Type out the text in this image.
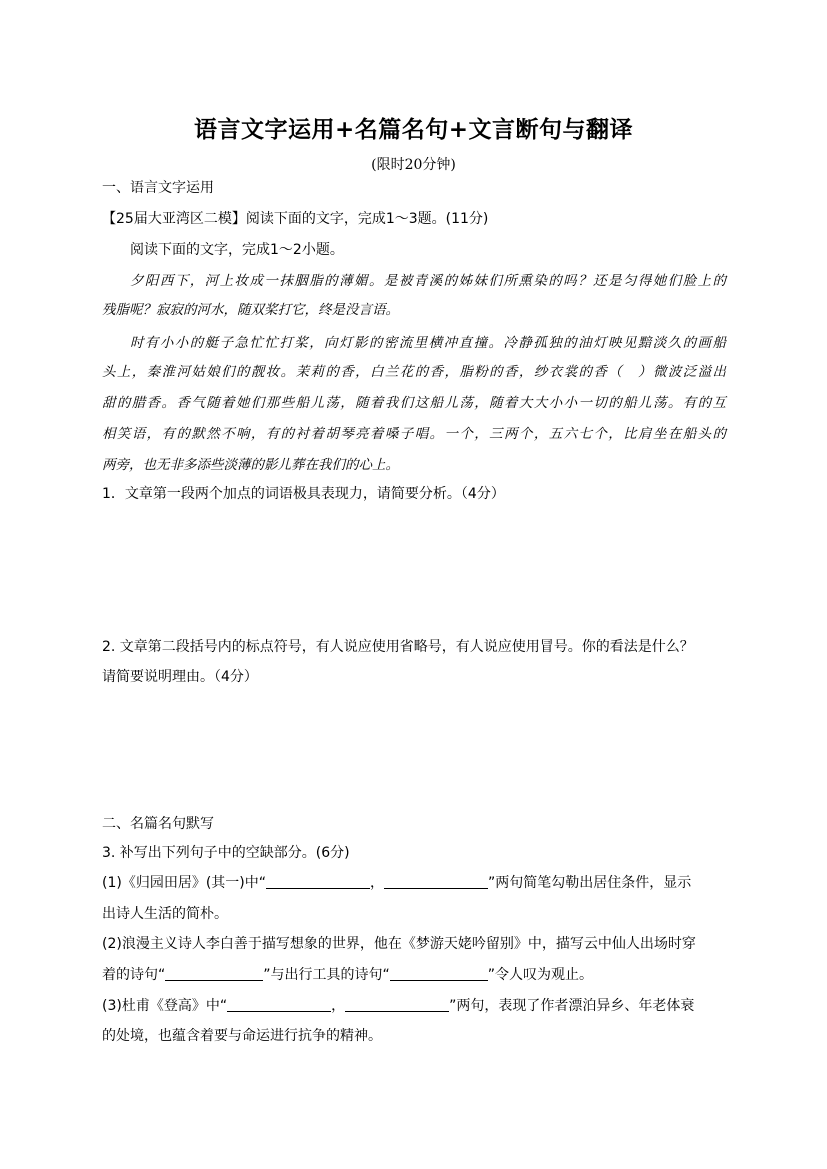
语言文字运用+名篇名句+文言断句与翻译
(限时20分钟)
一、语言文字运用
【25届大亚湾区二模】阅读下面的文字，完成1～3题。(11分)
阅读下面的文字，完成1～2小题。
夕阳西下，河上妆成一抹胭脂的薄媚。是被青溪的姊妹们所熏染的吗？还是匀得她们脸上的
残脂呢？寂寂的河水，随双桨打它，终是没言语。
时有小小的艇子急忙忙打桨，向灯影的密流里横冲直撞。冷静孤独的油灯映见黯淡久的画船
头上，秦淮河姑娘们的靓妆。茉莉的香，白兰花的香，脂粉的香，纱衣裳的香（　）微波泛溢出
甜的腊香。香气随着她们那些船儿荡，随着我们这船儿荡，随着大大小小一切的船儿荡。有的互
相笑语，有的默然不响，有的衬着胡琴亮着嗓子唱。一个，三两个，五六七个，比肩坐在船头的
两旁，也无非多添些淡薄的影儿葬在我们的心上。
1．文章第一段两个加点的词语极具表现力，请简要分析。（4分）
2. 文章第二段括号内的标点符号，有人说应使用省略号，有人说应使用冒号。你的看法是什么？
请简要说明理由。（4分）
二、名篇名句默写
3. 补写出下列句子中的空缺部分。(6分)
(1)《归园田居》(其一)中“	，	”两句简笔勾勒出居住条件，显示
出诗人生活的简朴。
(2)浪漫主义诗人李白善于描写想象的世界，他在《梦游天姥吟留别》中，描写云中仙人出场时穿
着的诗句“	”与出行工具的诗句“	”令人叹为观止。
(3)杜甫《登高》中“	，	”两句，表现了作者漂泊异乡、年老体衰
的处境，也蕴含着要与命运进行抗争的精神。
